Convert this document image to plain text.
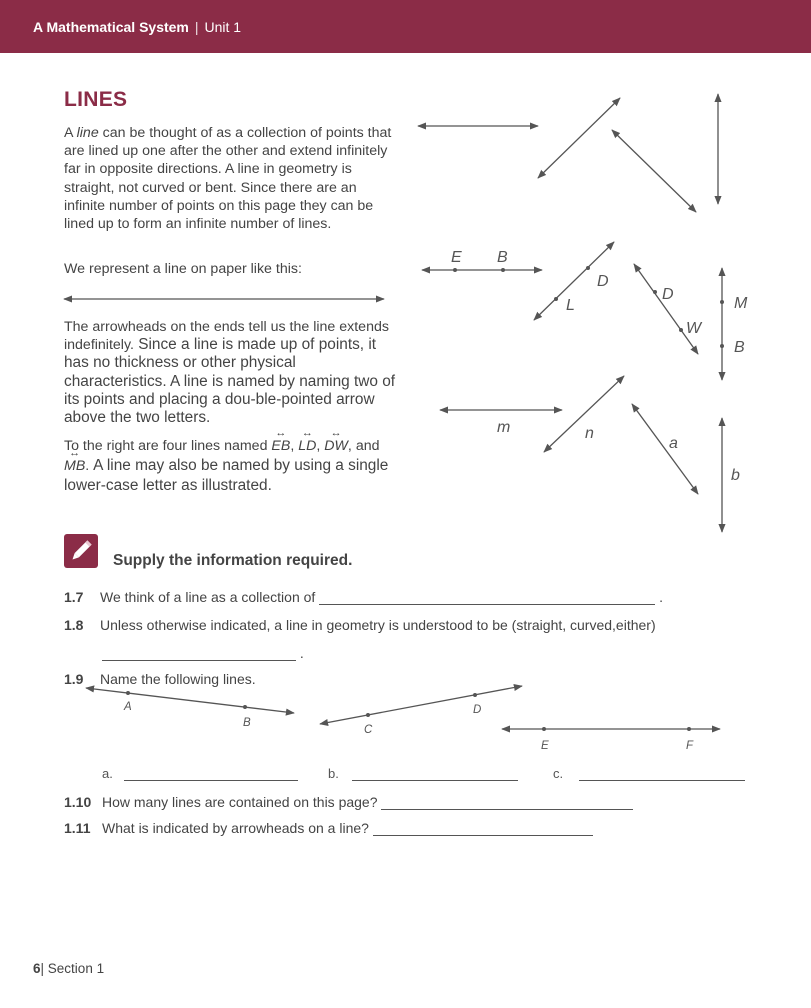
A Mathematical System | Unit 1
LINES

A line can be thought of as a collection of points that are lined up one after the other and extend infinitely far in opposite directions. A line in geometry is straight, not curved or bent. Since there are an infinite number of points on this page they can be lined up to form an infinite number of lines.

We represent a line on paper like this:

The arrowheads on the ends tell us the line extends indefinitely. Since a line is made up of points, it has no thickness or other physical characteristics. A line is named by naming two of its points and placing a dou-ble-pointed arrow above the two letters.

To the right are four lines named ↔ EB, ↔ LD, ↔ DW, and ↔ MB. A line may also be named by using a single lower-case letter as illustrated.

E B
D
L
D
W
M
B
m	n
a
b
A
B
C
D
E	F
Supply the information required.
1.7 We think of a line as a collection of	.
1.8 Unless otherwise indicated, a line in geometry is understood to be (straight, curved,either)
.
1.9 Name the following lines.
a.	b.	c.
1.10 How many lines are contained on this page?
1.11 What is indicated by arrowheads on a line?
6| Section 1
